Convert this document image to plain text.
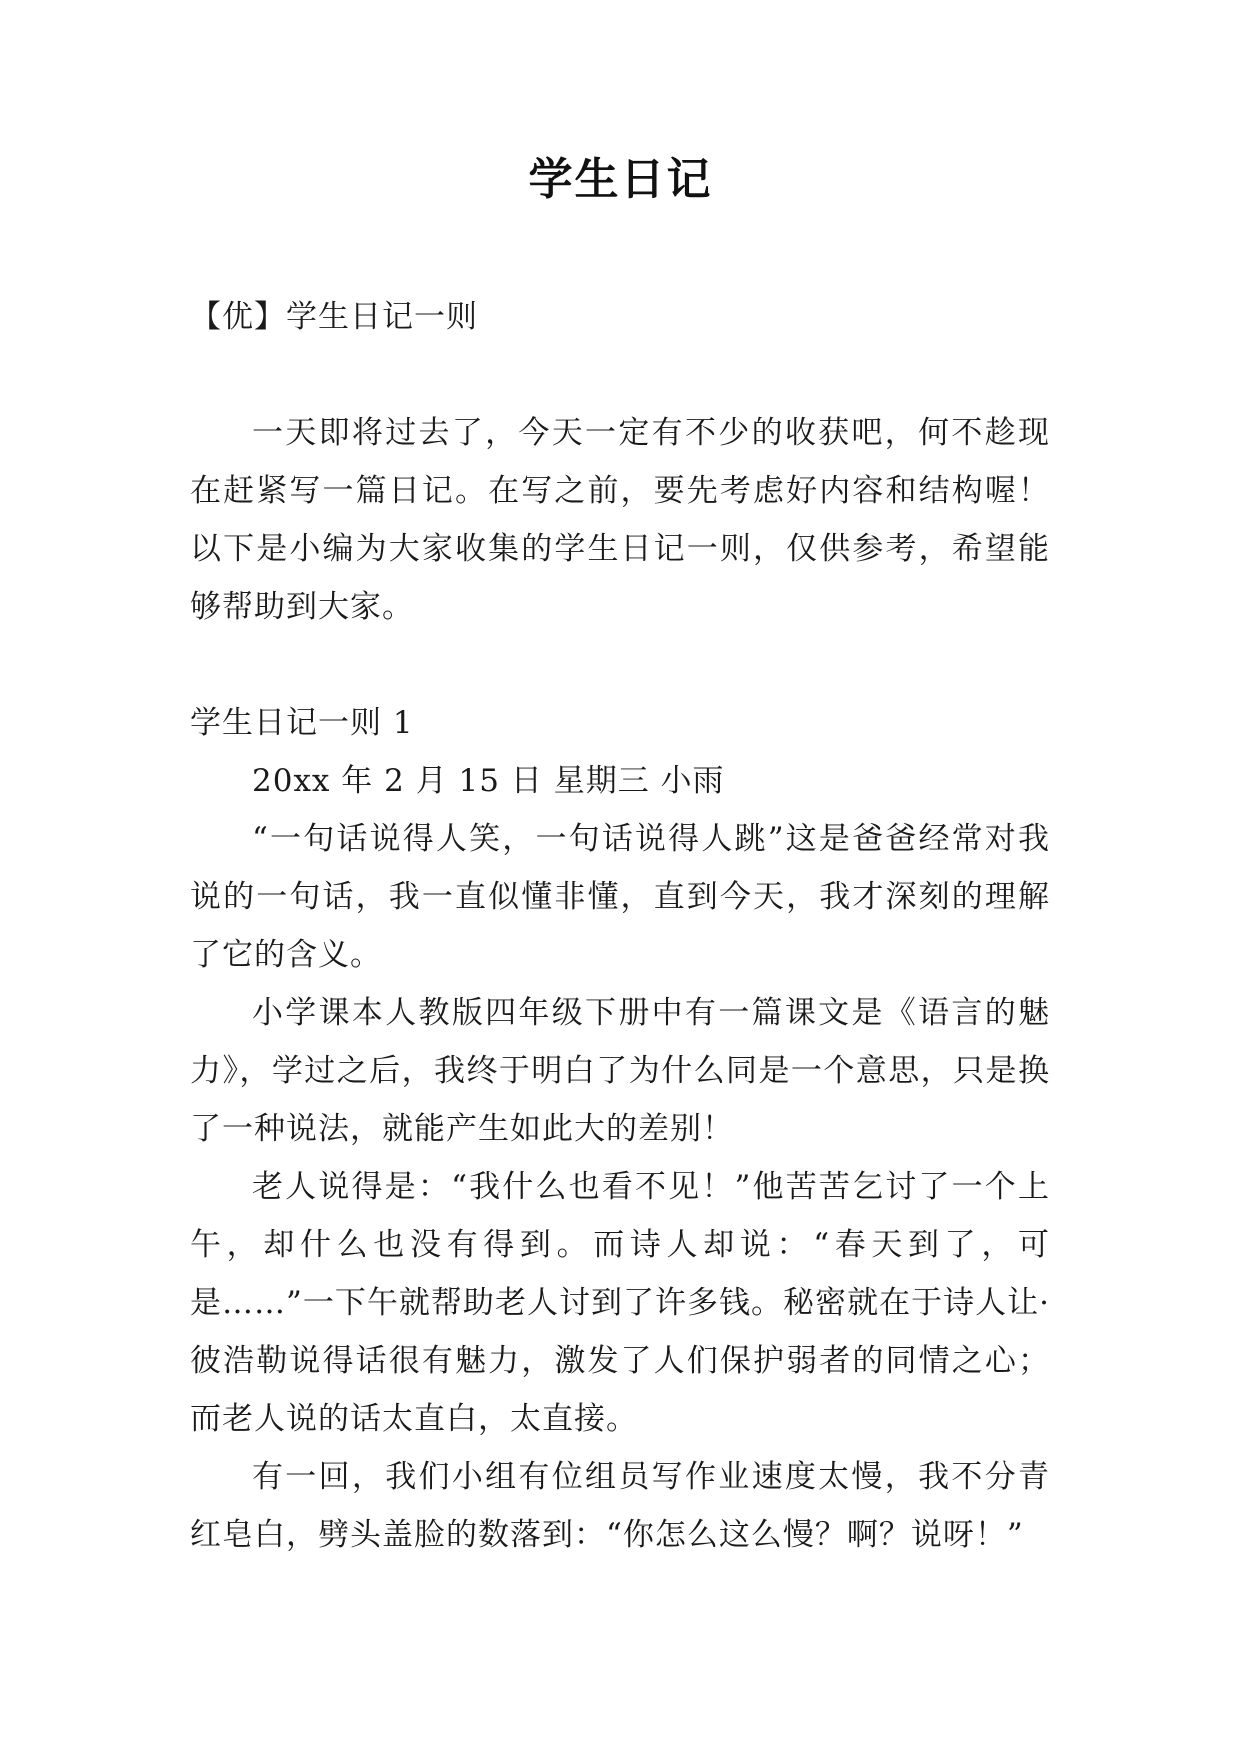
学生日记

【优】学生日记一则

一天即将过去了，今天一定有不少的收获吧，何不趁现在赶紧写一篇日记。在写之前，要先考虑好内容和结构喔！以下是小编为大家收集的学生日记一则，仅供参考，希望能够帮助到大家。

学生日记一则 1

20xx 年 2 月 15 日 星期三 小雨

“一句话说得人笑，一句话说得人跳”这是爸爸经常对我说的一句话，我一直似懂非懂，直到今天，我才深刻的理解了它的含义。

小学课本人教版四年级下册中有一篇课文是《语言的魅力》，学过之后，我终于明白了为什么同是一个意思，只是换了一种说法，就能产生如此大的差别！

老人说得是：“我什么也看不见！”他苦苦乞讨了一个上午，却什么也没有得到。而诗人却说：“春天到了，可是……”一下午就帮助老人讨到了许多钱。秘密就在于诗人让·彼浩勒说得话很有魅力，激发了人们保护弱者的同情之心；而老人说的话太直白，太直接。

有一回，我们小组有位组员写作业速度太慢，我不分青红皂白，劈头盖脸的数落到：“你怎么这么慢？啊？说呀！”
